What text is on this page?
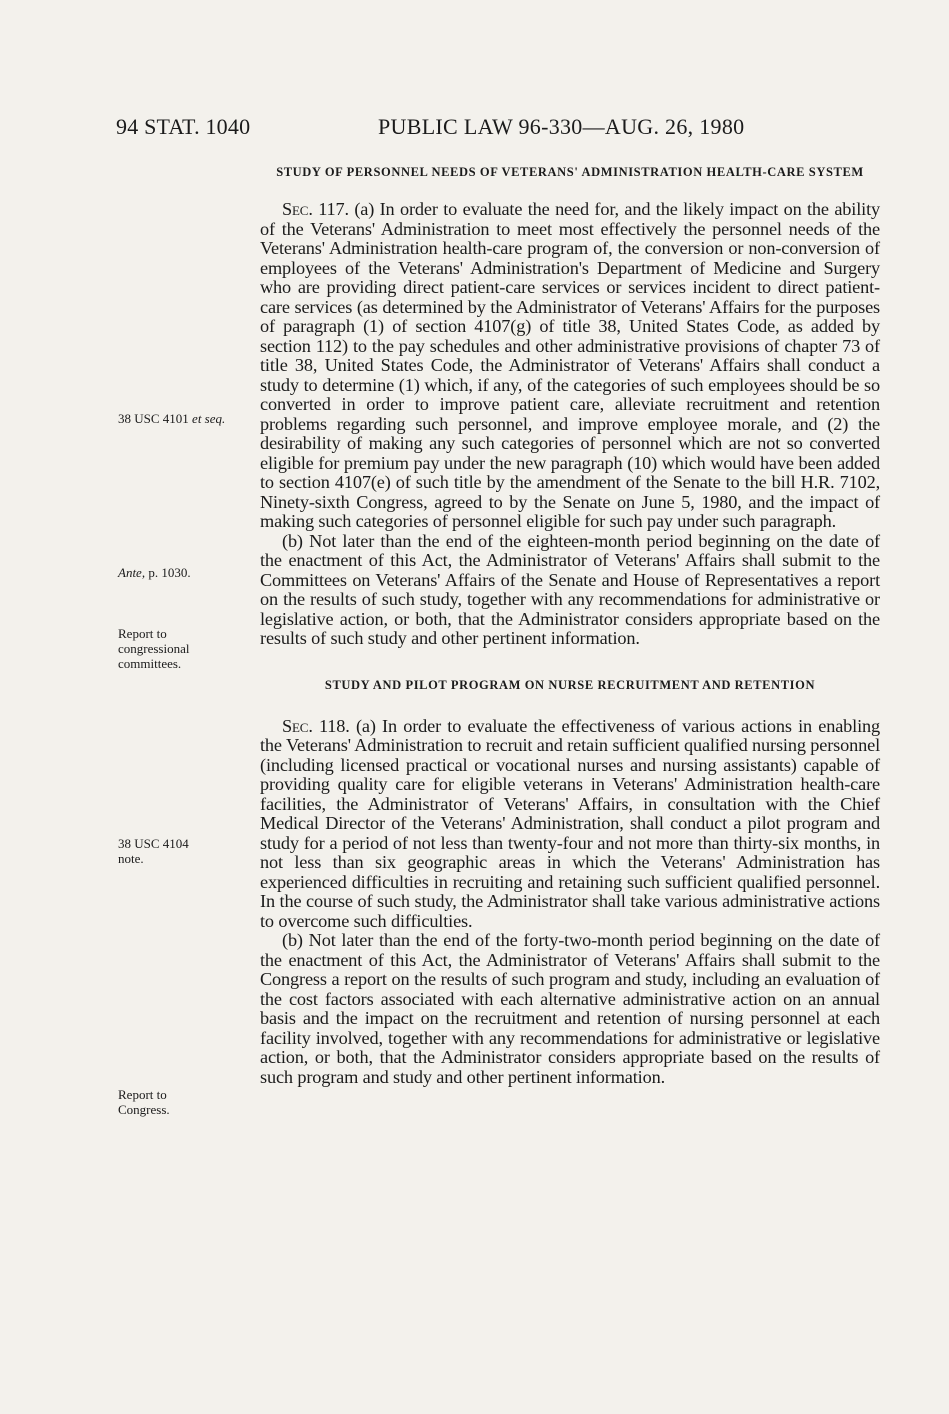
94 STAT. 1040	PUBLIC LAW 96-330—AUG. 26, 1980
38 USC 4101 et seq.
Ante, p. 1030.
Report to congressional committees.
38 USC 4104 note.
Report to Congress.
STUDY OF PERSONNEL NEEDS OF VETERANS' ADMINISTRATION HEALTH-CARE SYSTEM

Sec. 117. (a) In order to evaluate the need for, and the likely impact on the ability of the Veterans' Administration to meet most effectively the personnel needs of the Veterans' Administration health-care program of, the conversion or non-conversion of employees of the Veterans' Administration's Department of Medicine and Surgery who are providing direct patient-care services or services incident to direct patient-care services (as determined by the Administrator of Veterans' Affairs for the purposes of paragraph (1) of section 4107(g) of title 38, United States Code, as added by section 112) to the pay schedules and other administrative provisions of chapter 73 of title 38, United States Code, the Administrator of Veterans' Affairs shall conduct a study to determine (1) which, if any, of the categories of such employees should be so converted in order to improve patient care, alleviate recruitment and retention problems regarding such personnel, and improve employee morale, and (2) the desirability of making any such categories of personnel which are not so converted eligible for premium pay under the new paragraph (10) which would have been added to section 4107(e) of such title by the amendment of the Senate to the bill H.R. 7102, Ninety-sixth Congress, agreed to by the Senate on June 5, 1980, and the impact of making such categories of personnel eligible for such pay under such paragraph.

(b) Not later than the end of the eighteen-month period beginning on the date of the enactment of this Act, the Administrator of Veterans' Affairs shall submit to the Committees on Veterans' Affairs of the Senate and House of Representatives a report on the results of such study, together with any recommendations for administrative or legislative action, or both, that the Administrator considers appropriate based on the results of such study and other pertinent information.

STUDY AND PILOT PROGRAM ON NURSE RECRUITMENT AND RETENTION

Sec. 118. (a) In order to evaluate the effectiveness of various actions in enabling the Veterans' Administration to recruit and retain sufficient qualified nursing personnel (including licensed practical or vocational nurses and nursing assistants) capable of providing quality care for eligible veterans in Veterans' Administration health-care facilities, the Administrator of Veterans' Affairs, in consultation with the Chief Medical Director of the Veterans' Administration, shall conduct a pilot program and study for a period of not less than twenty-four and not more than thirty-six months, in not less than six geographic areas in which the Veterans' Administration has experienced difficulties in recruiting and retaining such sufficient qualified personnel. In the course of such study, the Administrator shall take various administrative actions to overcome such difficulties.

(b) Not later than the end of the forty-two-month period beginning on the date of the enactment of this Act, the Administrator of Veterans' Affairs shall submit to the Congress a report on the results of such program and study, including an evaluation of the cost factors associated with each alternative administrative action on an annual basis and the impact on the recruitment and retention of nursing personnel at each facility involved, together with any recommendations for administrative or legislative action, or both, that the Administrator considers appropriate based on the results of such program and study and other pertinent information.
